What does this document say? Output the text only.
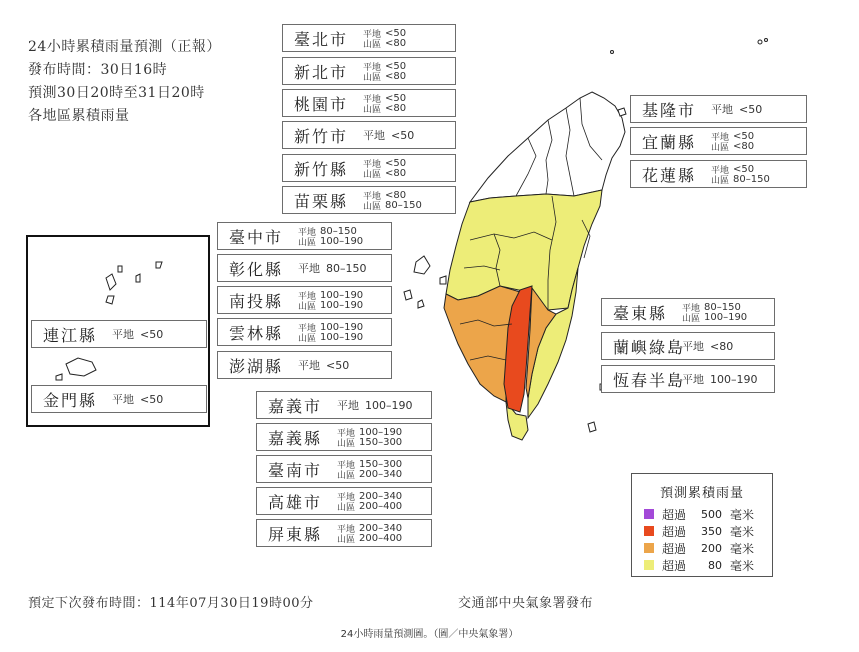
24小時累積雨量預測（正報）
發布時間：30日16時
預測30日20時至31日20時
各地區累積雨量
臺北市 平地 <50
山區 <80
新北市 平地 <50
山區 <80
桃園市 平地 <50
山區 <80
新竹市 平地 <50
新竹縣 平地 <50
山區 <80
苗栗縣 平地 <80
山區 80–150
基隆市 平地 <50
宜蘭縣 平地 <50
山區 <80
花蓮縣 平地 <50
山區 80–150
臺中市 平地 80–150
山區 100–190
彰化縣 平地 80–150
南投縣 平地 100–190
山區 100–190
雲林縣 平地 100–190
山區 100–190
澎湖縣 平地 <50
連江縣 平地 <50
金門縣 平地 <50
臺東縣 平地 80–150
山區 100–190
蘭嶼綠島
平地 <80
恆春半島
平地 100–190
嘉義市 平地 100–190
嘉義縣 平地 100–190
山區 150–300
臺南市 平地 150–300
山區 200–340
高雄市 平地 200–340
山區 200–400
屏東縣 平地 200–340
山區 200–400
預測累積雨量
超過	500 毫米
超過	350 毫米
超過	200 毫米
超過	80 毫米
預定下次發布時間：114年07月30日19時00分	交通部中央氣象署發布
24小時雨量預測圖。（圖／中央氣象署）
